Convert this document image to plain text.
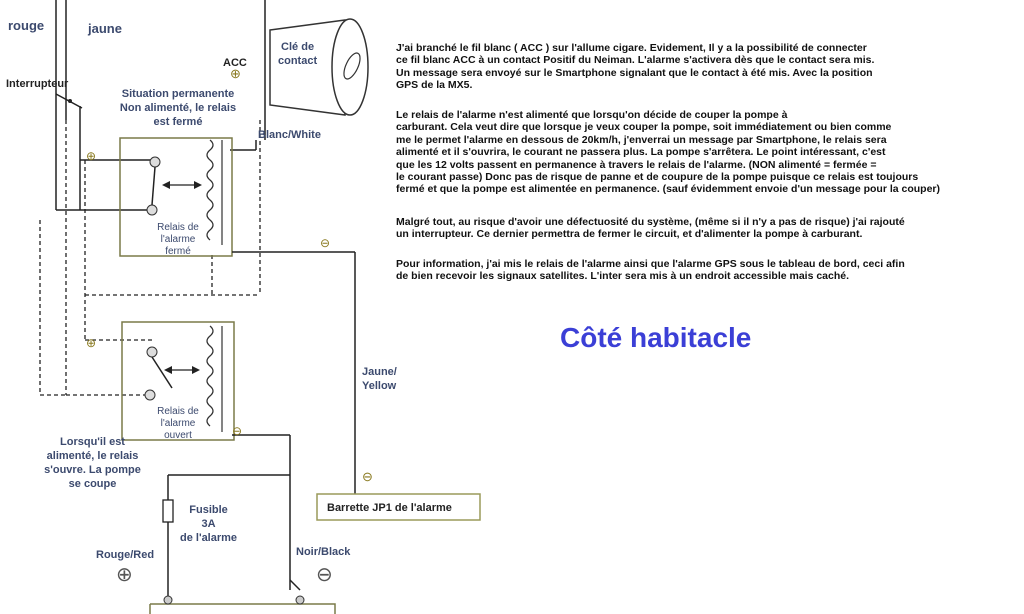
rouge	jaune
Interrupteur
Situation permanente
Non alimenté, le relais
est fermé
ACC
Clé de
contact
Blanc/White
Relais de
l'alarme
fermé
Relais de
l'alarme
ouvert
Jaune/
Yellow
Lorsqu'il est
alimenté, le relais
s'ouvre. La pompe
se coupe
Fusible
3A
de l'alarme
Barrette JP1 de l'alarme
Rouge/Red	Noir/Black
⊕
⊕
⊖
⊕
⊖
⊖
⊕	⊖
J'ai branché le fil blanc ( ACC ) sur l'allume cigare. Evidement, Il y a la possibilité de connecter
ce fil blanc ACC à un contact Positif du Neiman. L'alarme s'activera dès que le contact sera mis.
Un message sera envoyé sur le Smartphone signalant que le contact à été mis. Avec la position
GPS de la MX5.
Le relais de l'alarme n'est alimenté que lorsqu'on décide de couper la pompe à
carburant. Cela veut dire que lorsque je veux couper la pompe, soit immédiatement ou bien comme
me le permet l'alarme en dessous de 20km/h, j'enverrai un message par Smartphone, le relais sera
alimenté et il s'ouvrira, le courant ne passera plus. La pompe s'arrêtera. Le point intéressant, c'est
que les 12 volts passent en permanence à travers le relais de l'alarme. (NON alimenté = fermée =
le courant passe) Donc pas de risque de panne et de coupure de la pompe puisque ce relais est toujours
fermé et que la pompe est alimentée en permanence. (sauf évidemment envoie d'un message pour la couper)
Malgré tout, au risque d'avoir une défectuosité du système, (même si il n'y a pas de risque) j'ai rajouté
un interrupteur. Ce dernier permettra de fermer le circuit, et d'alimenter la pompe à carburant.
Pour information, j'ai mis le relais de l'alarme ainsi que l'alarme GPS sous le tableau de bord, ceci afin
de bien recevoir les signaux satellites. L'inter sera mis à un endroit accessible mais caché.
Côté habitacle
